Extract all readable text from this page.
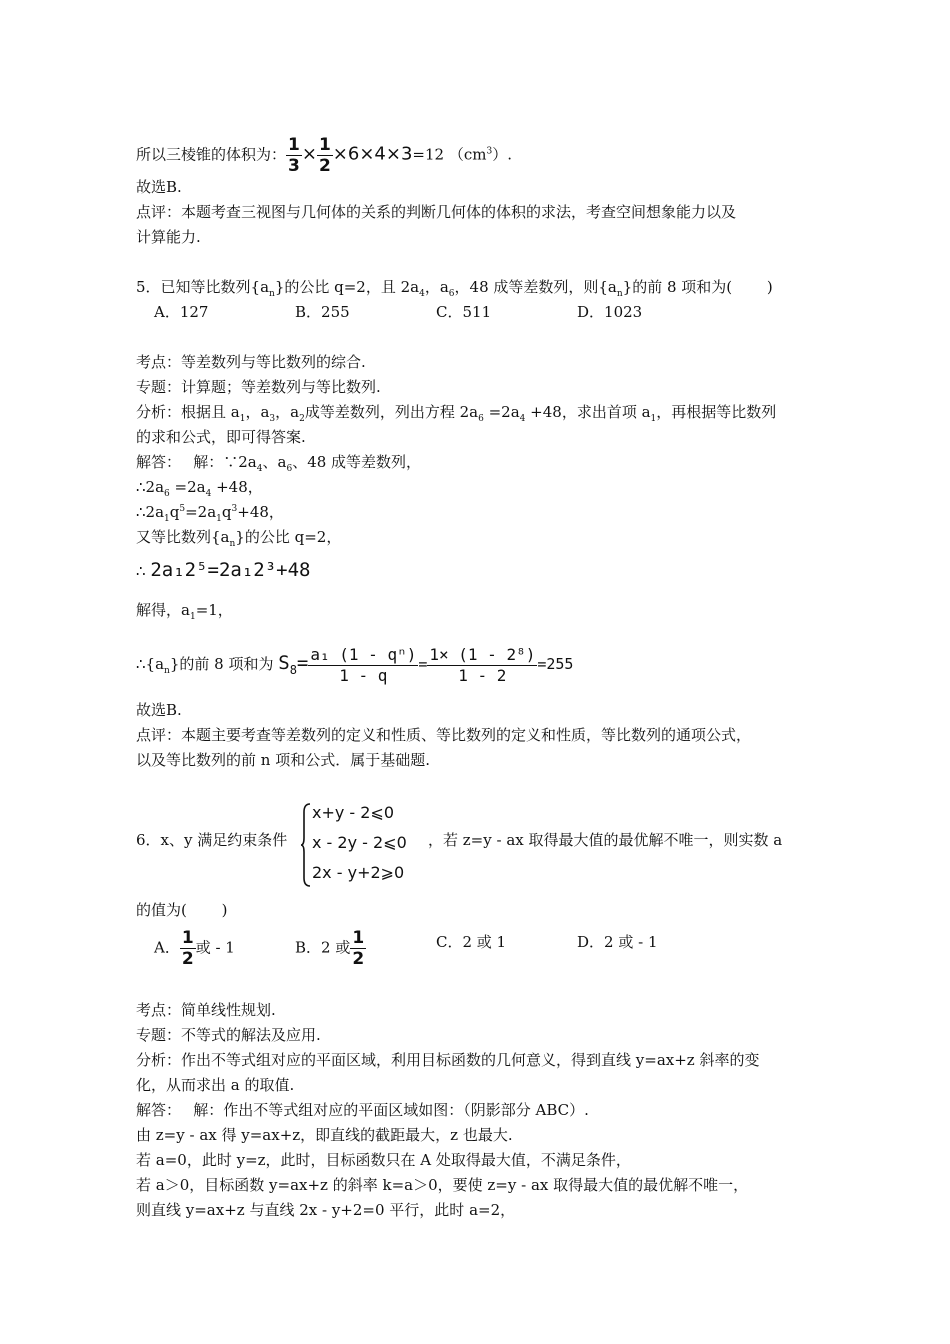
所以三棱锥的体积为： $\frac{1}{3} \times \frac{1}{2} \times 6\times 4\times 3=12$ $(cm^3)$.
故选B.
点评：本题考查三视图与几何体的关系的判断几何体的体积的求法，考查空间想象能力以及
计算能力.
5．已知等比数列$\{a_n\}$的公比 q=2，且 $2a_4$，$a_6$，48 成等差数列，则$\{a_n\}$的前 8 项和为(　　 )
A．127	B．255	C．511	D．1023
考点：等差数列与等比数列的综合.
专题：计算题；等差数列与等比数列.
分析：根据且 $a_1$，$a_3$，$a_2$成等差数列，列出方程 $2a_6 =2a_4 +48$，求出首项 $a_1$，再根据等比数列
的求和公式，即可得答案.
解答：　 解：$\because 2a_4$、$a_6$、48 成等差数列，
$\therefore 2a_6 =2a_4 +48$，
$\therefore 2a_1q^5=2a_1q^3+48$，
又等比数列$\{a_n\}$的公比 q=2，
∴ 2a₁2⁵=2a₁2³+48
解得，$a_1=1$，
$\therefore\{a_n\}$的前 8 项和为 $S_8= \frac{\text{a₁ (1 - qⁿ)}}{1 - q} = \frac{\text{1× (1 - 2⁸)}}{1 - 2} =255$
故选B.
点评：本题主要考查等差数列的定义和性质、等比数列的定义和性质，等比数列的通项公式，
以及等比数列的前 n 项和公式．属于基础题.
6．x、y 满足约束条件
x+y - 2⩽0
x - 2y - 2⩽0
2x - y+2⩾0
，若 z=y - ax 取得最大值的最优解不唯一，则实数 a
的值为(　　 )
A． $\frac{1}{2}$ 或 - 1	B．2 或 $\frac{1}{2}$	C．2 或 1	D．2 或 - 1
考点：简单线性规划.
专题：不等式的解法及应用.
分析：作出不等式组对应的平面区域，利用目标函数的几何意义，得到直线 y=ax+z 斜率的变
化，从而求出 a 的取值.
解答：　 解：作出不等式组对应的平面区域如图：（阴影部分 ABC）.
由 z=y - ax 得 y=ax+z，即直线的截距最大，z 也最大.
若 a=0，此时 y=z，此时，目标函数只在 A 处取得最大值，不满足条件，
若 a＞0，目标函数 y=ax+z 的斜率 k=a＞0，要使 z=y - ax 取得最大值的最优解不唯一，
则直线 y=ax+z 与直线 2x - y+2=0 平行，此时 a=2，
